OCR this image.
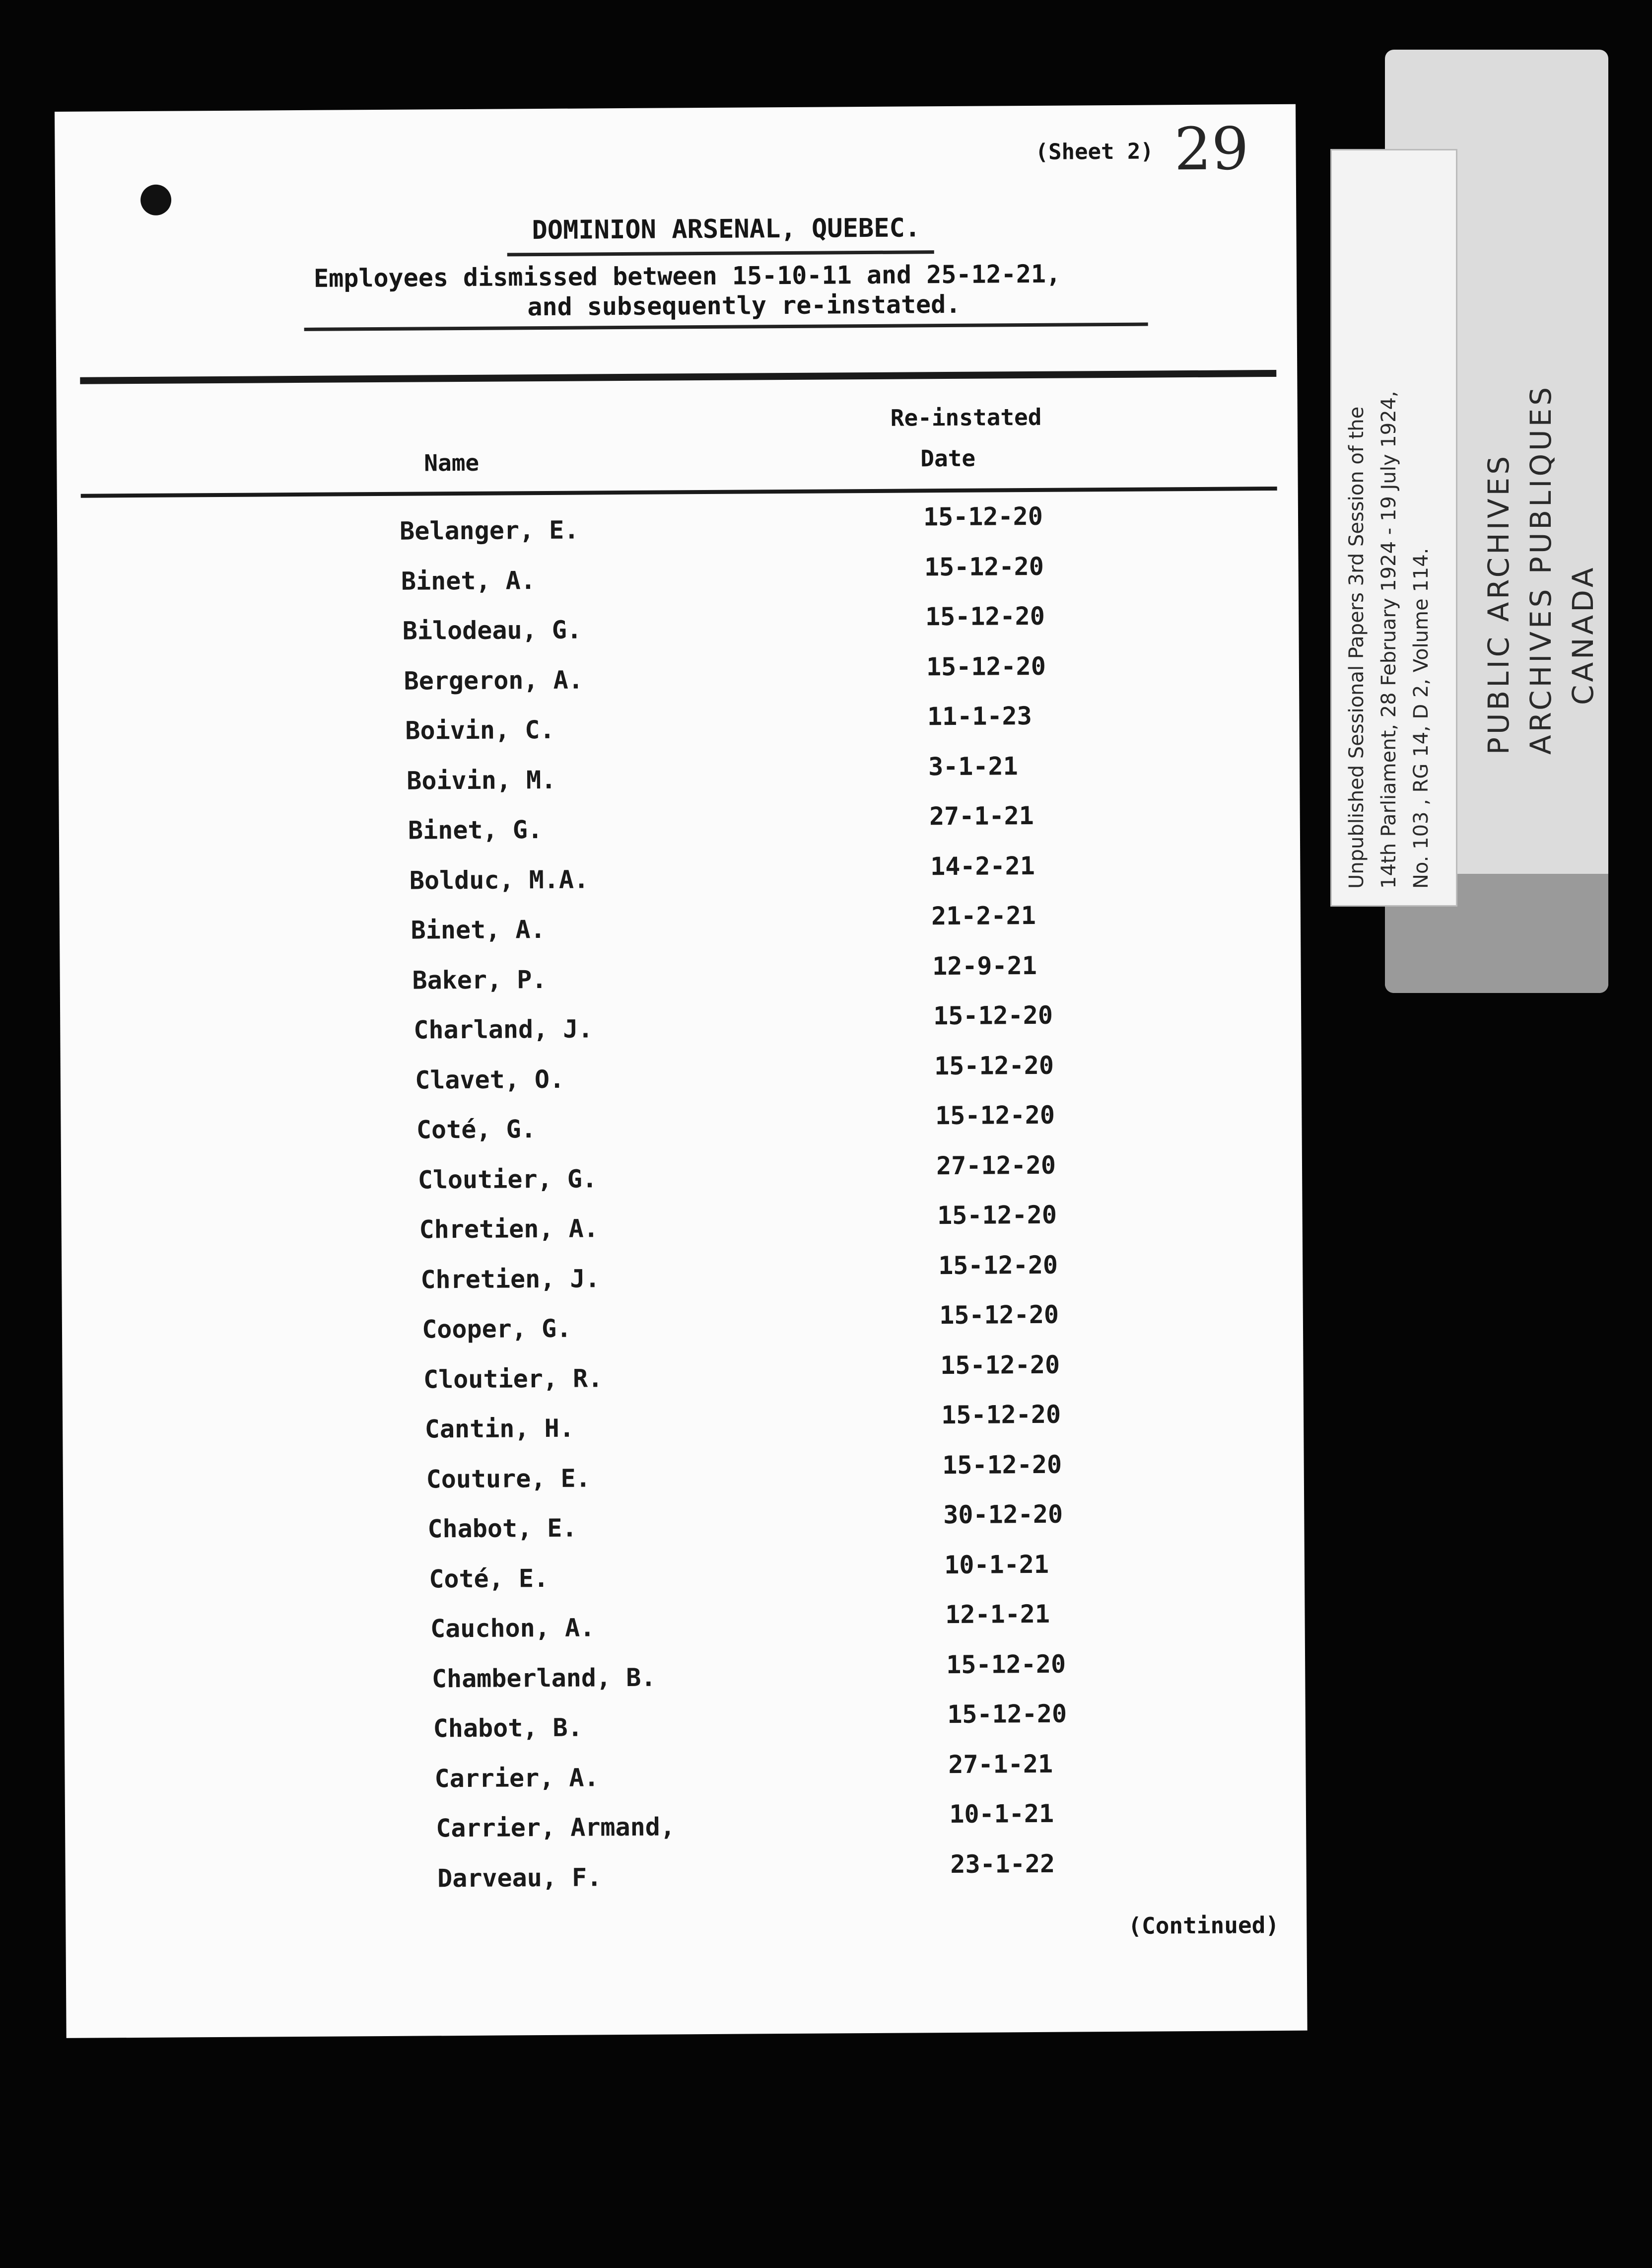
(Sheet 2) 29
DOMINION ARSENAL, QUEBEC.
Employees dismissed between 15-10-11 and 25-12-21,
and subsequently re-instated.
Re-instated
Name	Date
Belanger, E.	15-12-20
Binet, A.	15-12-20
Bilodeau, G.	15-12-20
Bergeron, A.	15-12-20
Boivin, C.	11-1-23
Boivin, M.	3-1-21
Binet, G.	27-1-21
Bolduc, M.A.	14-2-21
Binet, A.	21-2-21
Baker, P.	12-9-21
Charland, J.	15-12-20
Clavet, O.	15-12-20
Coté, G.	15-12-20
Cloutier, G.	27-12-20
Chretien, A.	15-12-20
Chretien, J.	15-12-20
Cooper, G.	15-12-20
Cloutier, R.	15-12-20
Cantin, H.	15-12-20
Couture, E.	15-12-20
Chabot, E.	30-12-20
Coté, E.	10-1-21
Cauchon, A.	12-1-21
Chamberland, B.	15-12-20
Chabot, B.	15-12-20
Carrier, A.	27-1-21
Carrier, Armand,	10-1-21
Darveau, F.	23-1-22
(Continued)
Unpublished Sessional Papers 3rd Session of the 14th Parliament, 28 February 1924 - 19 July 1924, No. 103 , RG 14, D 2, Volume 114. PUBLIC ARCHIVES ARCHIVES PUBLIQUES CANADA
